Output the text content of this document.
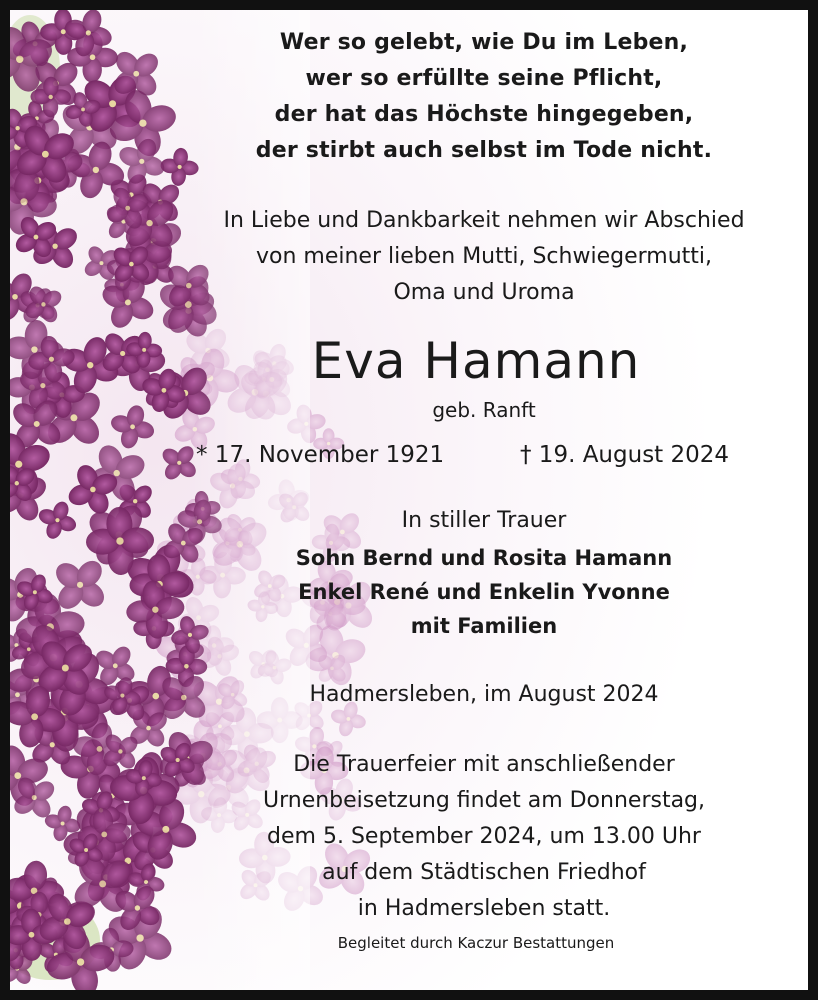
Wer so gelebt, wie Du im Leben,
wer so erfüllte seine Pflicht,
der hat das Höchste hingegeben,
der stirbt auch selbst im Tode nicht.
In Liebe und Dankbarkeit nehmen wir Abschied
von meiner lieben Mutti, Schwiegermutti,
Oma und Uroma
Eva Hamann
geb. Ranft
* 17. November 1921	† 19. August 2024
In stiller Trauer
Sohn Bernd und Rosita Hamann
Enkel René und Enkelin Yvonne
mit Familien
Hadmersleben, im August 2024
Die Trauerfeier mit anschließender
Urnenbeisetzung findet am Donnerstag,
dem 5. September 2024, um 13.00 Uhr
auf dem Städtischen Friedhof
in Hadmersleben statt.
Begleitet durch Kaczur Bestattungen
